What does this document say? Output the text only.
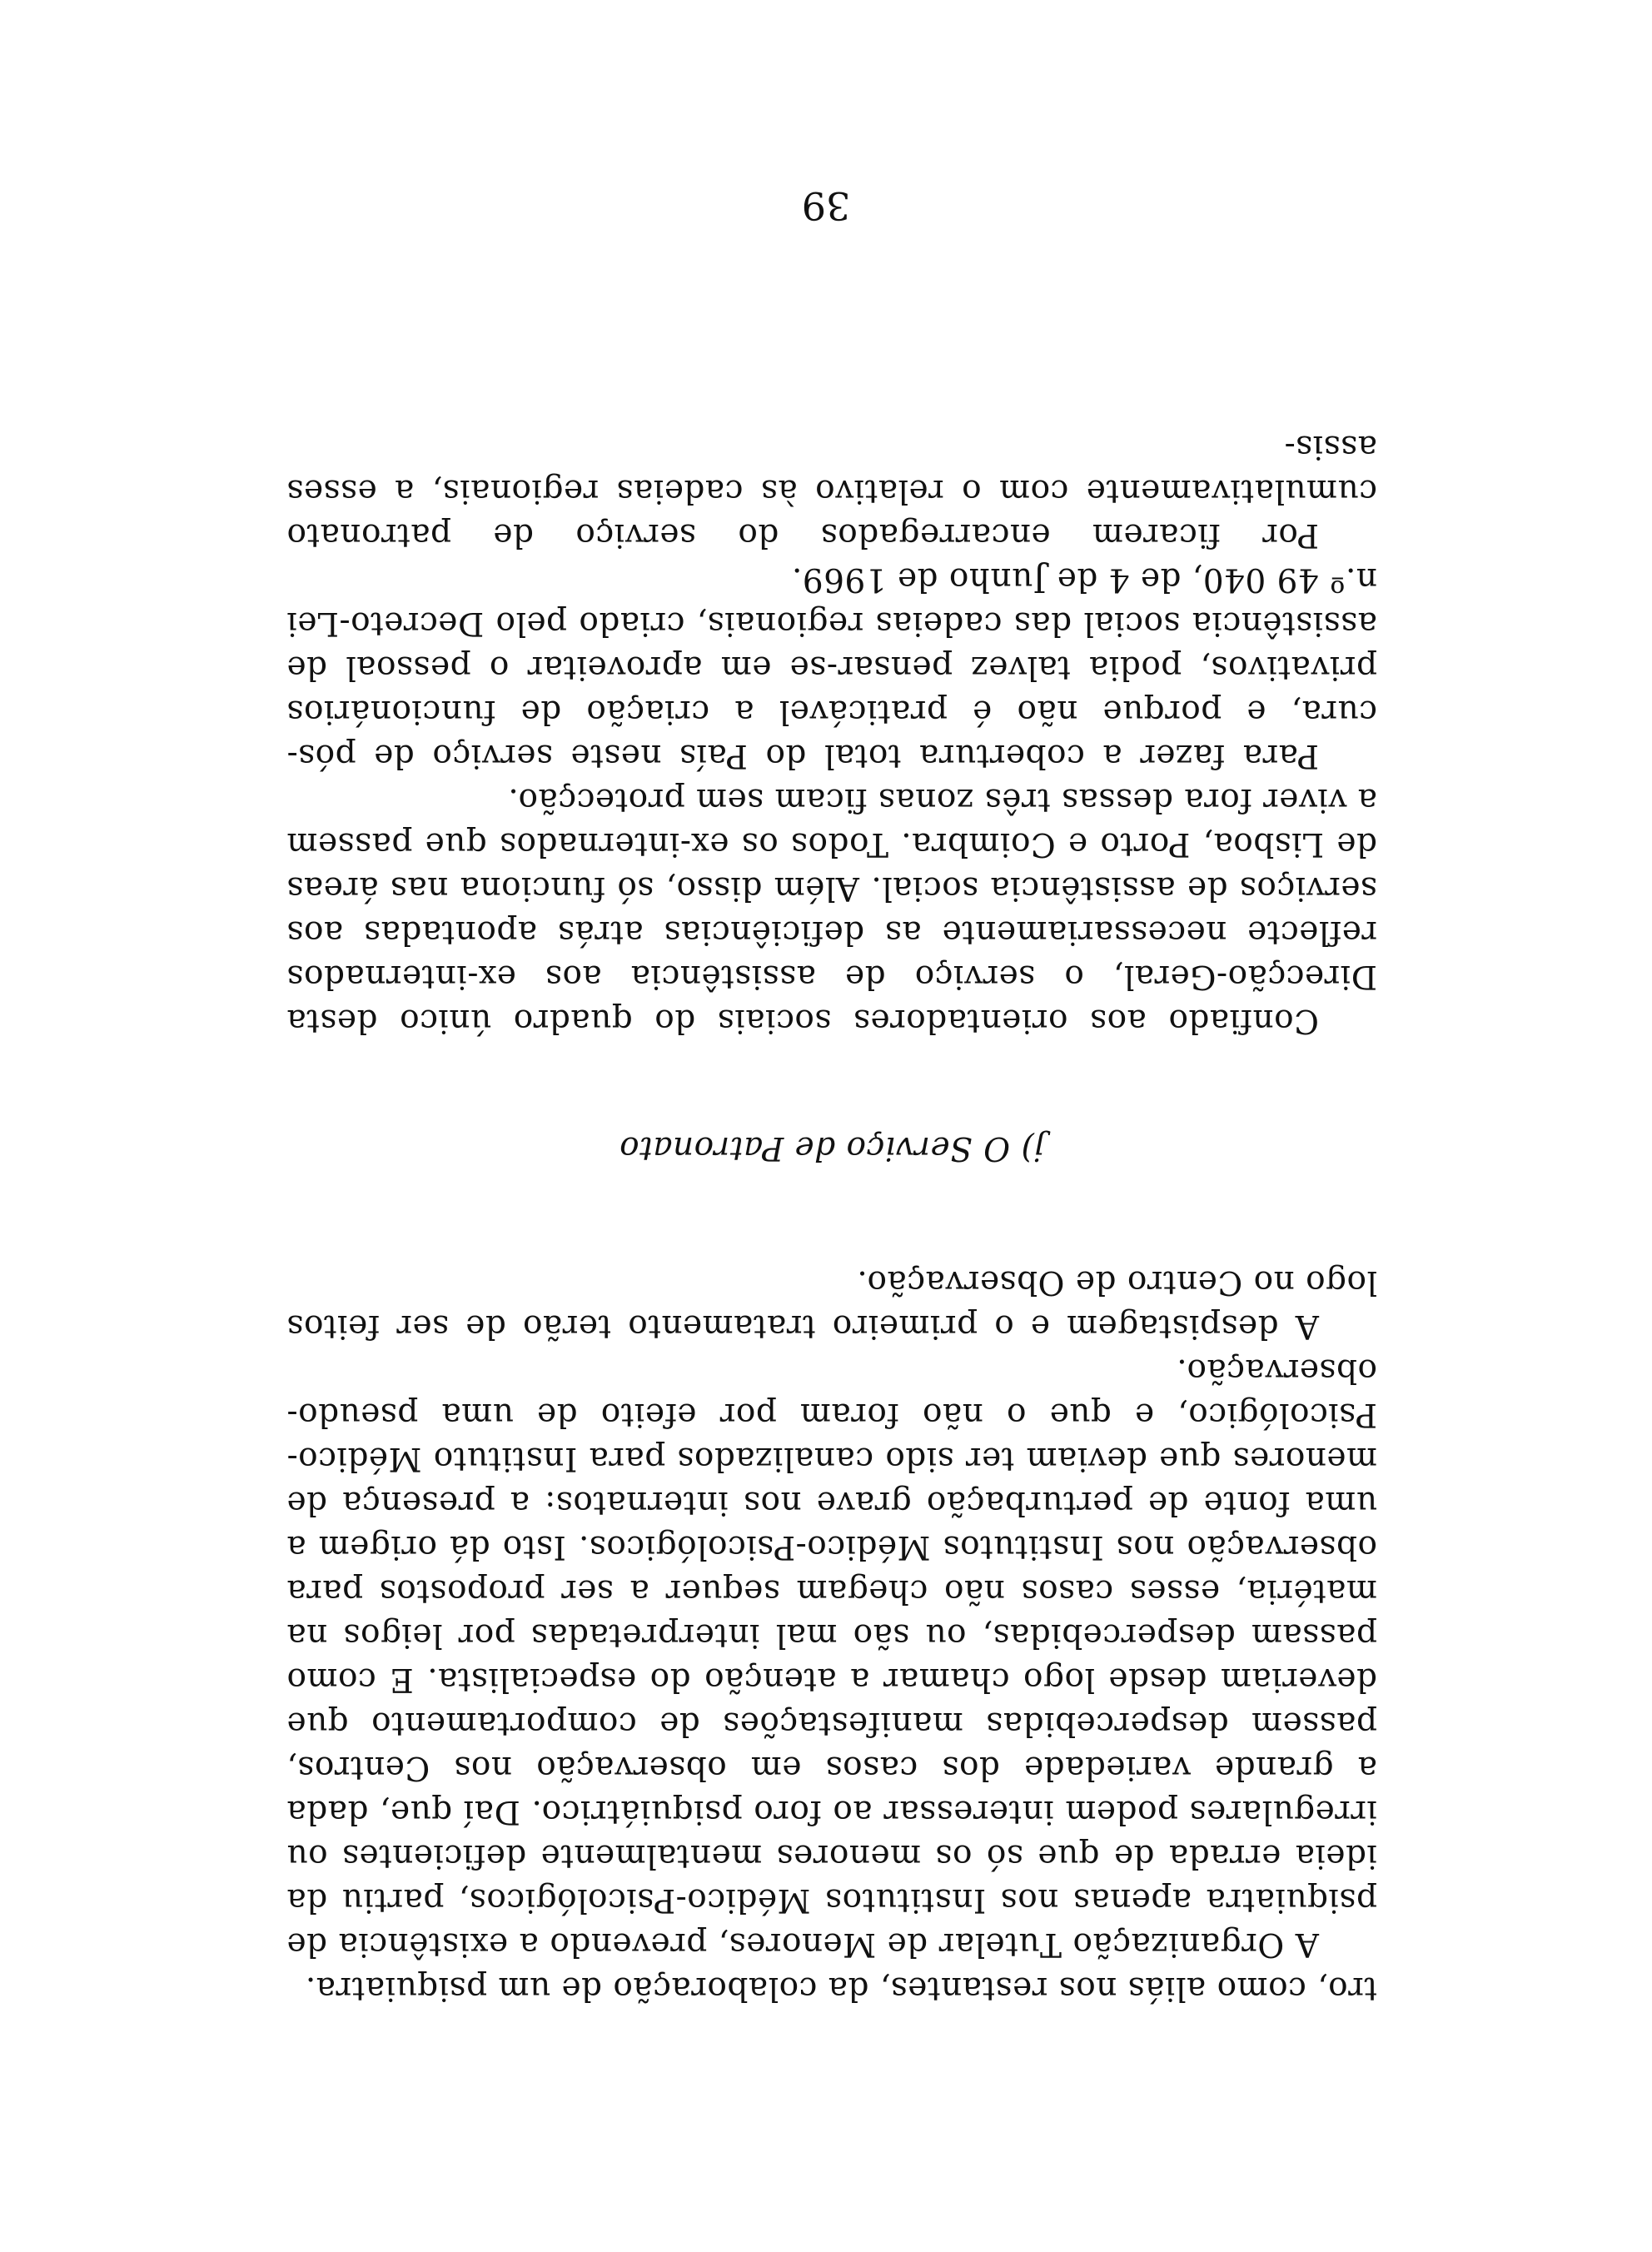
tro, como aliás nos restantes, da colaboração de um psiquiatra.

A Organização Tutelar de Menores, prevendo a existência de psiquiatra apenas nos Institutos Médico-Psicológicos, partiu da ideia errada de que só os menores mentalmente deficientes ou irregulares podem interessar ao foro psiquiátrico. Daí que, dada a grande variedade dos casos em observação nos Centros, passem despercebidas manifestações de comportamento que deveriam desde logo chamar a atenção do especialista. E como passam despercebidas, ou são mal interpretadas por leigos na matéria, esses casos não chegam sequer a ser propostos para observação nos Institutos Médico-Psicológicos. Isto dá origem a uma fonte de perturbação grave nos internatos: a presença de menores que deviam ter sido canalizados para Instituto Médico-Psicológico, e que o não foram por efeito de uma pseudo-observação.

A despistagem e o primeiro tratamento terão de ser feitos logo no Centro de Observação.

j) O Serviço de Patronato

Confiado aos orientadores sociais do quadro único desta Direcção-Geral, o serviço de assistência aos ex-internados reflecte necessariamente as deficiências atrás apontadas aos serviços de assistência social. Além disso, só funciona nas áreas de Lisboa, Porto e Coimbra. Todos os ex-internados que passem a viver fora dessas três zonas ficam sem protecção.

Para fazer a cobertura total do País neste serviço de pós-cura, e porque não é praticável a criação de funcionários privativos, podia talvez pensar-se em aproveitar o pessoal de assistência social das cadeias regionais, criado pelo Decreto-Lei n.º 49 040, de 4 de Junho de 1969.

Por ficarem encarregados do serviço de patronato cumulativamente com o relativo às cadeias regionais, a esses assis-

39
